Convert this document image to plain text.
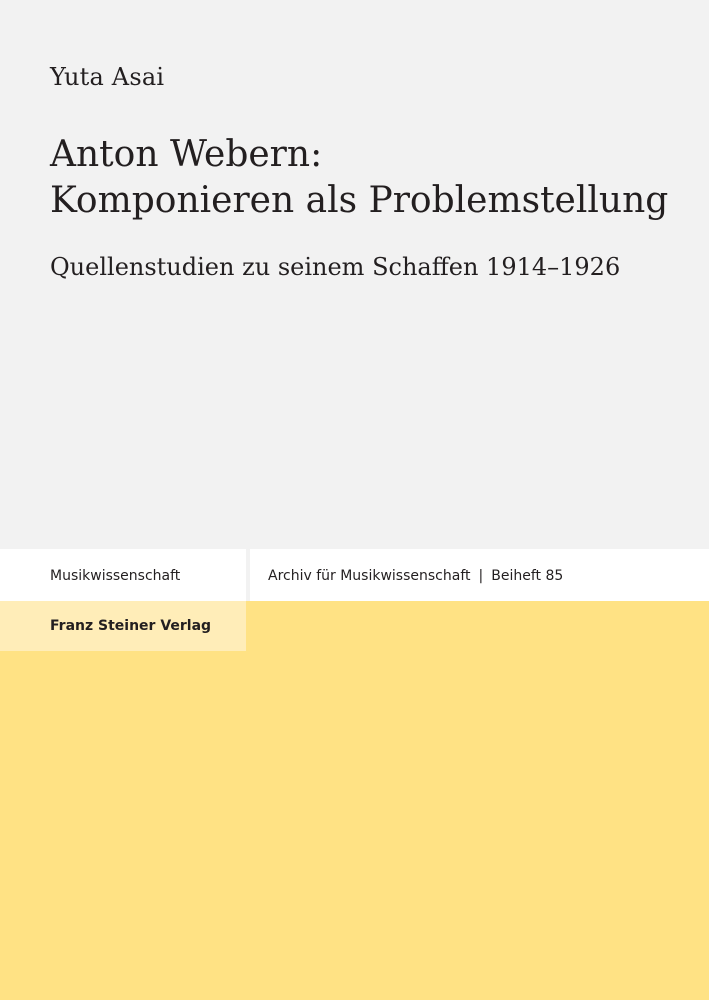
Yuta Asai
Anton Webern:
Komponieren als Problemstellung
Quellenstudien zu seinem Schaffen 1914–1926
Musikwissenschaft	Archiv für Musikwissenschaft | Beiheft 85
Franz Steiner Verlag
